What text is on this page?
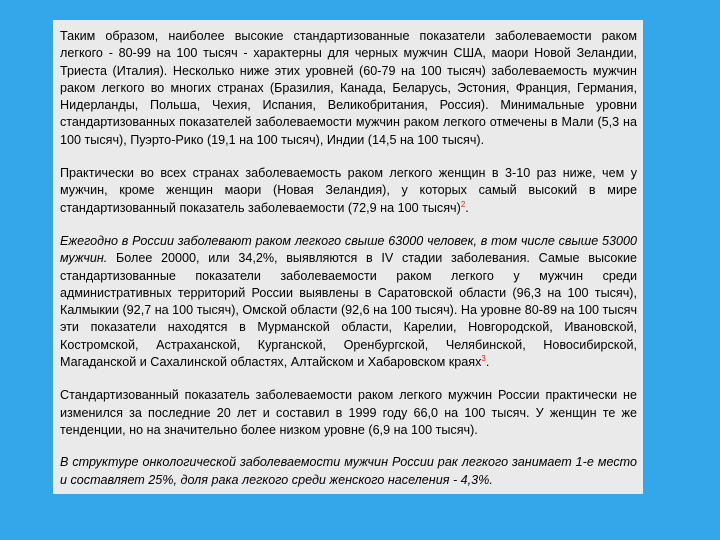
Таким образом, наиболее высокие стандартизованные показатели заболеваемости раком легкого - 80-99 на 100 тысяч - характерны для черных мужчин США, маори Новой Зеландии, Триеста (Италия). Несколько ниже этих уровней (60-79 на 100 тысяч) заболеваемость мужчин раком легкого во многих странах (Бразилия, Канада, Беларусь, Эстония, Франция, Германия, Нидерланды, Польша, Чехия, Испания, Великобритания, Россия). Минимальные уровни стандартизованных показателей заболеваемости мужчин раком легкого отмечены в Мали (5,3 на 100 тысяч), Пуэрто-Рико (19,1 на 100 тысяч), Индии (14,5 на 100 тысяч).

Практически во всех странах заболеваемость раком легкого женщин в 3-10 раз ниже, чем у мужчин, кроме женщин маори (Новая Зеландия), у которых самый высокий в мире стандартизованный показатель заболеваемости (72,9 на 100 тысяч)$^2$.

Ежегодно в России заболевают раком легкого свыше 63000 человек, в том числе свыше 53000 мужчин. Более 20000, или 34,2%, выявляются в IV стадии заболевания. Самые высокие стандартизованные показатели заболеваемости раком легкого у мужчин среди административных территорий России выявлены в Саратовской области (96,3 на 100 тысяч), Калмыкии (92,7 на 100 тысяч), Омской области (92,6 на 100 тысяч). На уровне 80-89 на 100 тысяч эти показатели находятся в Мурманской области, Карелии, Новгородской, Ивановской, Костромской, Астраханской, Курганской, Оренбургской, Челябинской, Новосибирской, Магаданской и Сахалинской областях, Алтайском и Хабаровском краях$^3$.

Стандартизованный показатель заболеваемости раком легкого мужчин России практически не изменился за последние 20 лет и составил в 1999 году 66,0 на 100 тысяч. У женщин те же тенденции, но на значительно более низком уровне (6,9 на 100 тысяч).

В структуре онкологической заболеваемости мужчин России рак легкого занимает 1-е место и составляет 25%, доля рака легкого среди женского населения - 4,3%.
